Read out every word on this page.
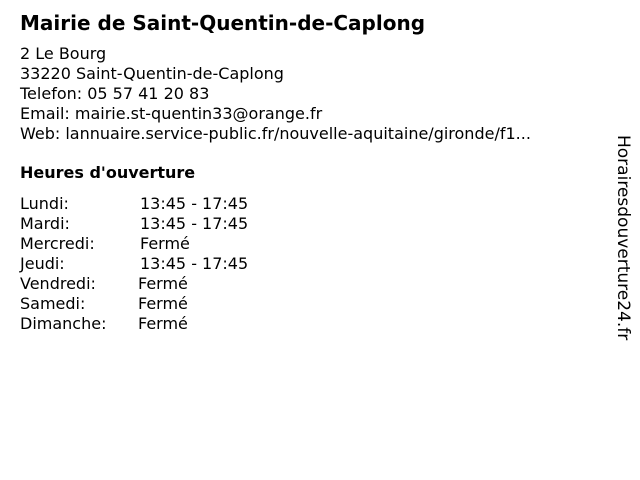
Mairie de Saint-Quentin-de-Caplong
2 Le Bourg
33220 Saint-Quentin-de-Caplong
Telefon: 05 57 41 20 83
Email: mairie.st-quentin33@orange.fr
Web: lannuaire.service-public.fr/nouvelle-aquitaine/gironde/f1...
Heures d'ouverture
Lundi:	13:45 - 17:45
Mardi:	13:45 - 17:45
Mercredi:	Fermé
Jeudi:	13:45 - 17:45
Vendredi:	Fermé
Samedi:	Fermé
Dimanche: Fermé	Horairesdouverture24.fr
